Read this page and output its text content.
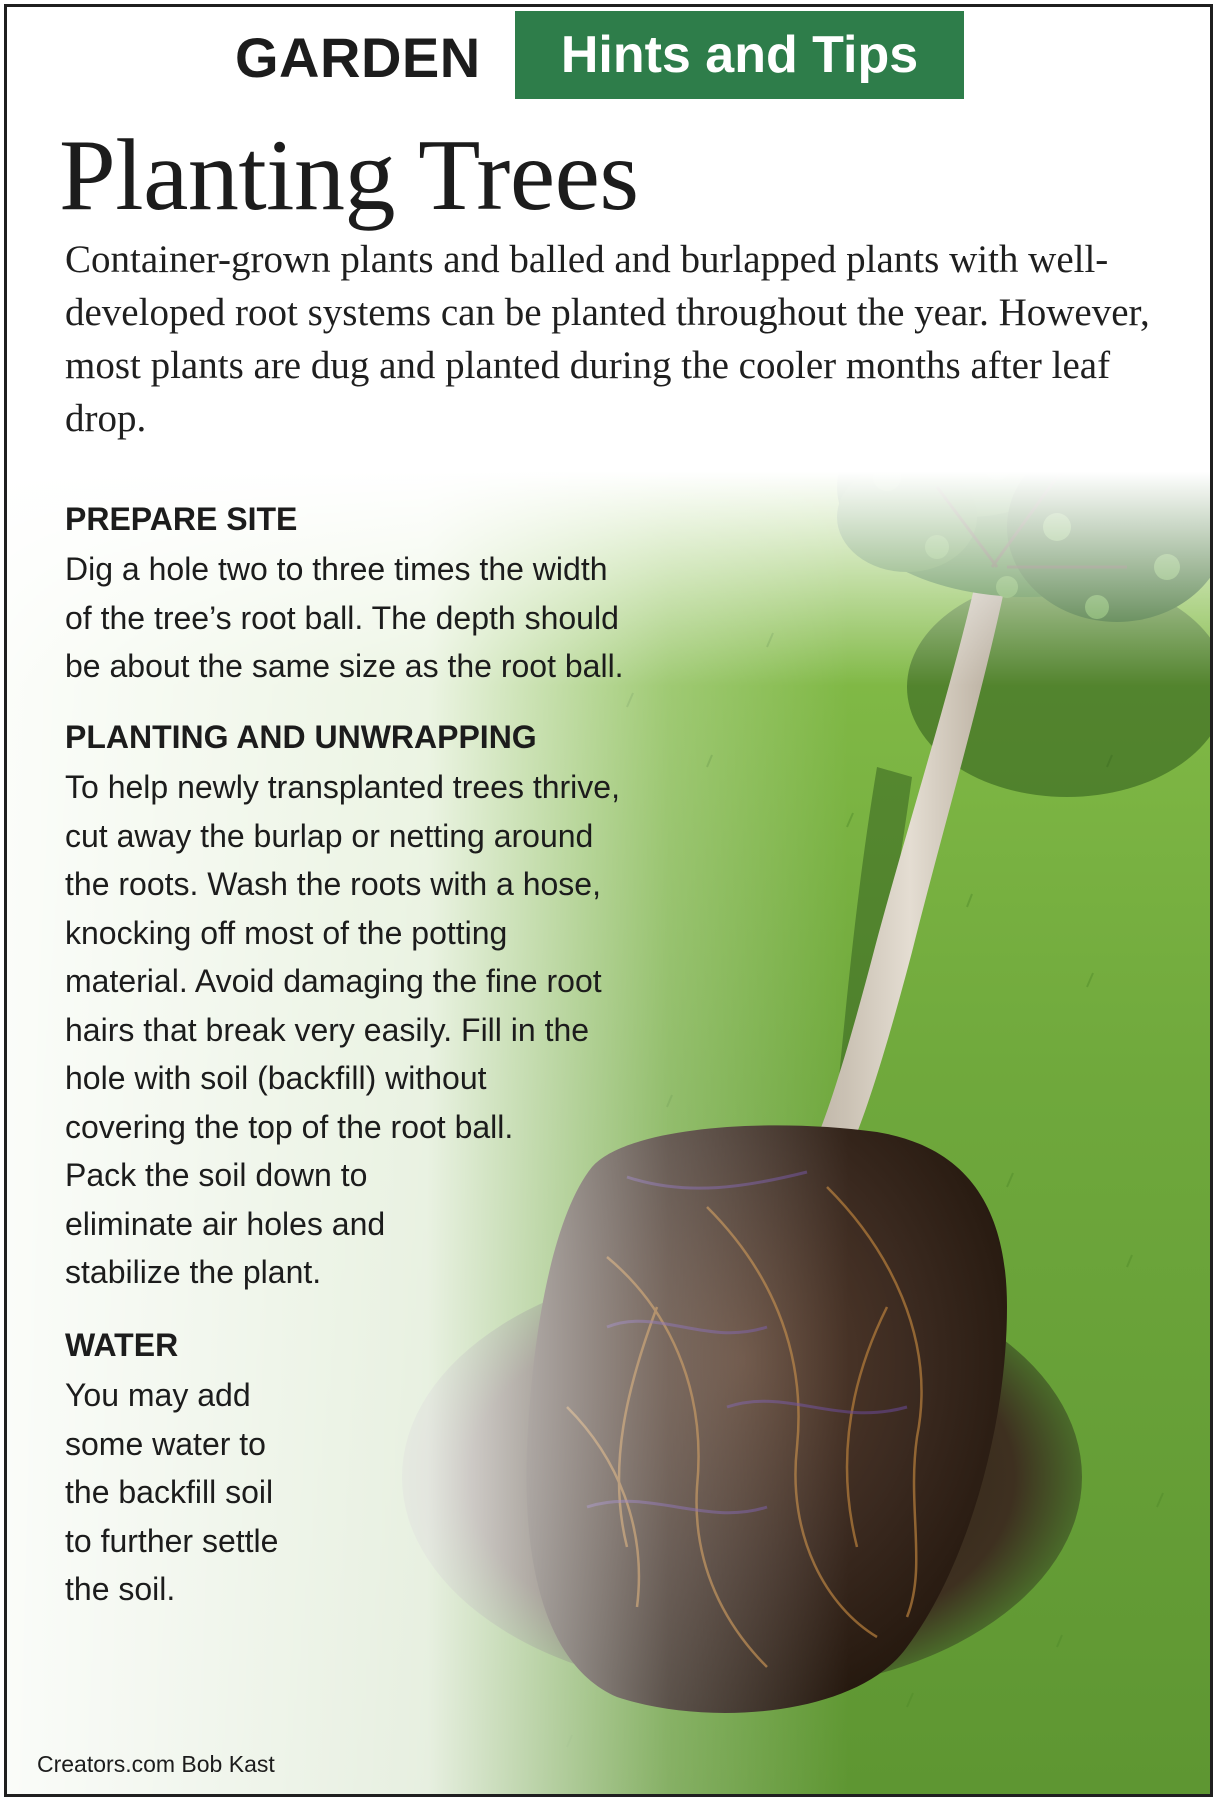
GARDEN	Hints and Tips
Planting Trees

Container-grown plants and balled and burlapped plants with well-developed root systems can be planted throughout the year. However, most plants are dug and planted during the cooler months after leaf drop.

PREPARE SITE

Dig a hole two to three times the width
of the tree’s root ball. The depth should
be about the same size as the root ball.

PLANTING AND UNWRAPPING

To help newly transplanted trees thrive,
cut away the burlap or netting around
the roots. Wash the roots with a hose,
knocking off most of the potting
material. Avoid damaging the fine root
hairs that break very easily. Fill in the
hole with soil (backfill) without
covering the top of the root ball.
Pack the soil down to
eliminate air holes and
stabilize the plant.

WATER

You may add
some water to
the backfill soil
to further settle
the soil.

Creators.com Bob Kast
